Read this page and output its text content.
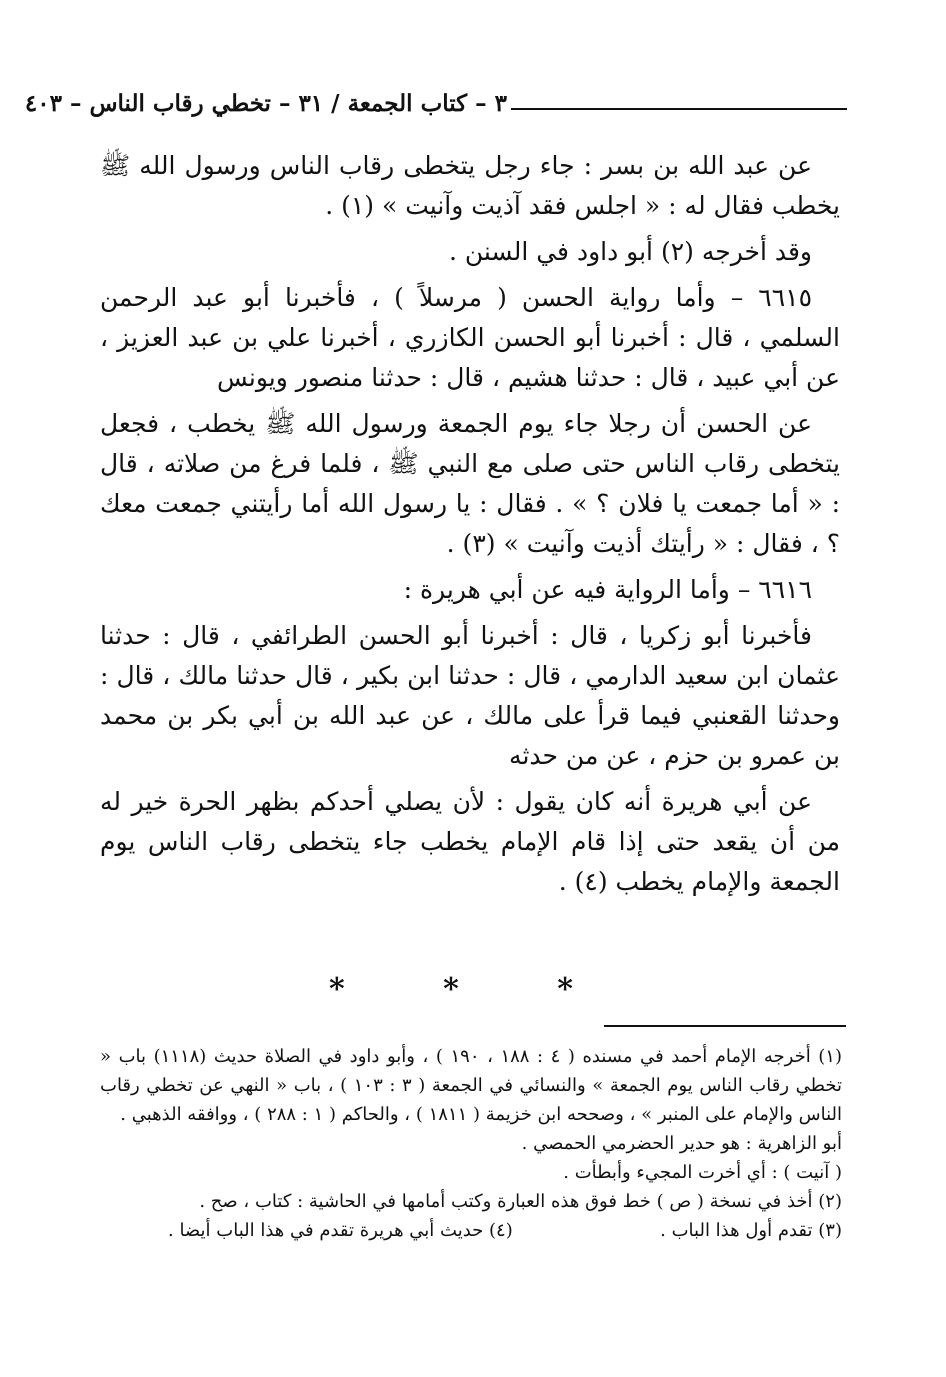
٣ – كتاب الجمعة / ٣١ – تخطي رقاب الناس – ٤٠٣

عن عبد الله بن بسر : جاء رجل يتخطى رقاب الناس ورسول الله ﷺ يخطب فقال له : « اجلس فقد آذيت وآنيت » (١) .

وقد أخرجه (٢) أبو داود في السنن .

٦٦١٥ – وأما رواية الحسن ( مرسلاً ) ، فأخبرنا أبو عبد الرحمن السلمي ، قال : أخبرنا أبو الحسن الكازري ، أخبرنا علي بن عبد العزيز ، عن أبي عبيد ، قال : حدثنا هشيم ، قال : حدثنا منصور ويونس

عن الحسن أن رجلا جاء يوم الجمعة ورسول الله ﷺ يخطب ، فجعل يتخطى رقاب الناس حتى صلى مع النبي ﷺ ، فلما فرغ من صلاته ، قال : « أما جمعت يا فلان ؟ » . فقال : يا رسول الله أما رأيتني جمعت معك ؟ ، فقال : « رأيتك أذيت وآنيت » (٣) .

٦٦١٦ – وأما الرواية فيه عن أبي هريرة :

فأخبرنا أبو زكريا ، قال : أخبرنا أبو الحسن الطرائفي ، قال : حدثنا عثمان ابن سعيد الدارمي ، قال : حدثنا ابن بكير ، قال حدثنا مالك ، قال : وحدثنا القعنبي فيما قرأ على مالك ، عن عبد الله بن أبي بكر بن محمد بن عمرو بن حزم ، عن من حدثه

عن أبي هريرة أنه كان يقول : لأن يصلي أحدكم بظهر الحرة خير له من أن يقعد حتى إذا قام الإمام يخطب جاء يتخطى رقاب الناس يوم الجمعة والإمام يخطب (٤) .

* * *

(١) أخرجه الإمام أحمد في مسنده ( ٤ : ١٨٨ ، ١٩٠ ) ، وأبو داود في الصلاة حديث (١١١٨) باب « تخطي رقاب الناس يوم الجمعة » والنسائي في الجمعة ( ٣ : ١٠٣ ) ، باب « النهي عن تخطي رقاب الناس والإمام على المنبر » ، وصححه ابن خزيمة ( ١٨١١ ) ، والحاكم ( ١ : ٢٨٨ ) ، ووافقه الذهبي .

أبو الزاهرية : هو حدير الحضرمي الحمصي .

( آنيت ) : أي أخرت المجيء وأبطأت .

(٢) أخذ في نسخة ( ص ) خط فوق هذه العبارة وكتب أمامها في الحاشية : كتاب ، صح .

(٣) تقدم أول هذا الباب .
(٤) حديث أبي هريرة تقدم في هذا الباب أيضا .
